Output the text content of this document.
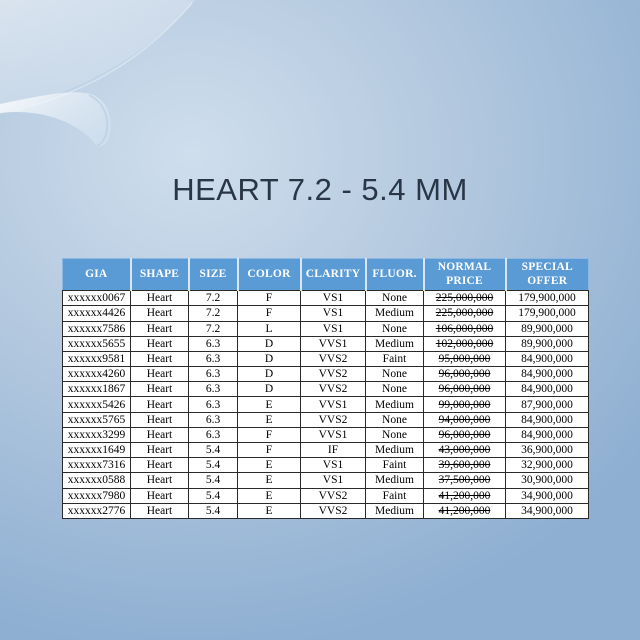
HEART 7.2 - 5.4 MM
GIA	SHAPE	SIZE	COLOR	CLARITY	FLUOR.	NORMAL PRICE	SPECIAL OFFER
xxxxxx0067	Heart	7.2	F	VS1	None	225,000,000	179,900,000
xxxxxx4426	Heart	7.2	F	VS1	Medium	225,000,000	179,900,000
xxxxxx7586	Heart	7.2	L	VS1	None	106,000,000	89,900,000
xxxxxx5655	Heart	6.3	D	VVS1	Medium	102,000,000	89,900,000
xxxxxx9581	Heart	6.3	D	VVS2	Faint	95,000,000	84,900,000
xxxxxx4260	Heart	6.3	D	VVS2	None	96,000,000	84,900,000
xxxxxx1867	Heart	6.3	D	VVS2	None	96,000,000	84,900,000
xxxxxx5426	Heart	6.3	E	VVS1	Medium	99,000,000	87,900,000
xxxxxx5765	Heart	6.3	E	VVS2	None	94,000,000	84,900,000
xxxxxx3299	Heart	6.3	F	VVS1	None	96,000,000	84,900,000
xxxxxx1649	Heart	5.4	F	IF	Medium	43,000,000	36,900,000
xxxxxx7316	Heart	5.4	E	VS1	Faint	39,600,000	32,900,000
xxxxxx0588	Heart	5.4	E	VS1	Medium	37,500,000	30,900,000
xxxxxx7980	Heart	5.4	E	VVS2	Faint	41,200,000	34,900,000
xxxxxx2776	Heart	5.4	E	VVS2	Medium	41,200,000	34,900,000
